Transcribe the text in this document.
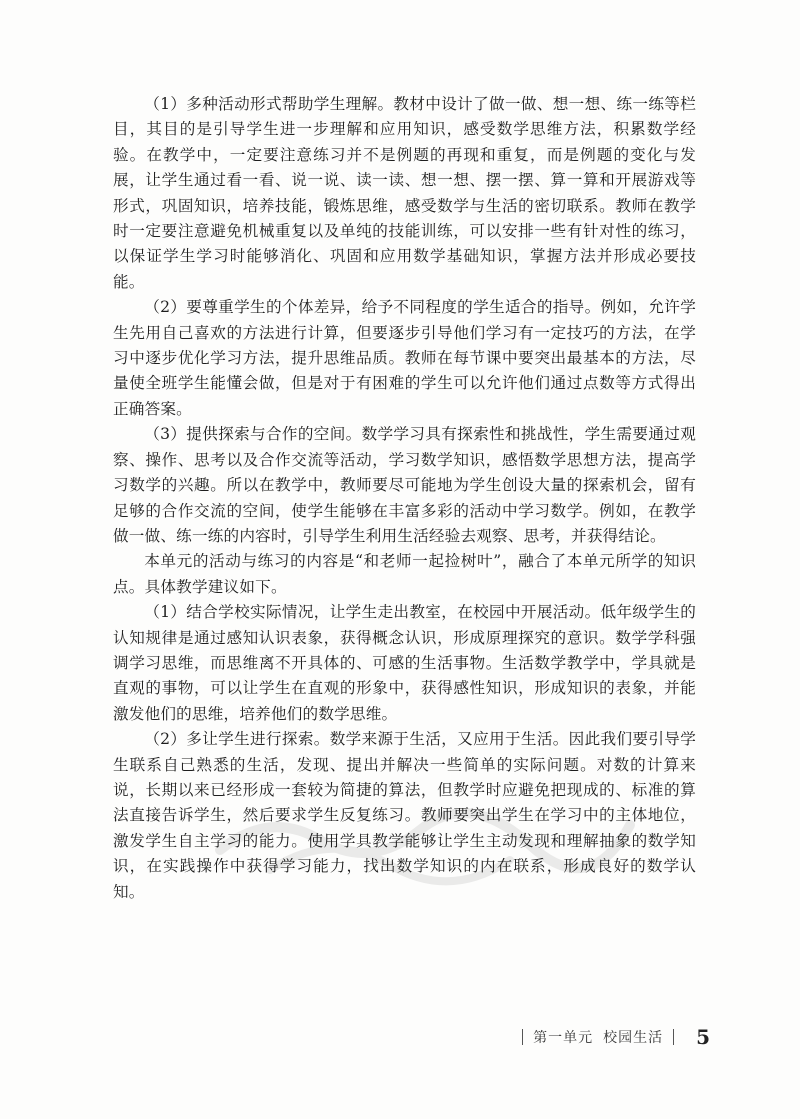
（1）多种活动形式帮助学生理解。教材中设计了做一做、想一想、练一练等栏目，其目的是引导学生进一步理解和应用知识，感受数学思维方法，积累数学经验。在教学中，一定要注意练习并不是例题的再现和重复，而是例题的变化与发展，让学生通过看一看、说一说、读一读、想一想、摆一摆、算一算和开展游戏等形式，巩固知识，培养技能，锻炼思维，感受数学与生活的密切联系。教师在教学时一定要注意避免机械重复以及单纯的技能训练，可以安排一些有针对性的练习，以保证学生学习时能够消化、巩固和应用数学基础知识，掌握方法并形成必要技能。

（2）要尊重学生的个体差异，给予不同程度的学生适合的指导。例如，允许学生先用自己喜欢的方法进行计算，但要逐步引导他们学习有一定技巧的方法，在学习中逐步优化学习方法，提升思维品质。教师在每节课中要突出最基本的方法，尽量使全班学生能懂会做，但是对于有困难的学生可以允许他们通过点数等方式得出正确答案。

（3）提供探索与合作的空间。数学学习具有探索性和挑战性，学生需要通过观察、操作、思考以及合作交流等活动，学习数学知识，感悟数学思想方法，提高学习数学的兴趣。所以在教学中，教师要尽可能地为学生创设大量的探索机会，留有足够的合作交流的空间，使学生能够在丰富多彩的活动中学习数学。例如，在教学做一做、练一练的内容时，引导学生利用生活经验去观察、思考，并获得结论。

本单元的活动与练习的内容是“和老师一起捡树叶”，融合了本单元所学的知识点。具体教学建议如下。

（1）结合学校实际情况，让学生走出教室，在校园中开展活动。低年级学生的认知规律是通过感知认识表象，获得概念认识，形成原理探究的意识。数学学科强调学习思维，而思维离不开具体的、可感的生活事物。生活数学教学中，学具就是直观的事物，可以让学生在直观的形象中，获得感性知识，形成知识的表象，并能激发他们的思维，培养他们的数学思维。

（2）多让学生进行探索。数学来源于生活，又应用于生活。因此我们要引导学生联系自己熟悉的生活，发现、提出并解决一些简单的实际问题。对数的计算来说，长期以来已经形成一套较为简捷的算法，但教学时应避免把现成的、标准的算法直接告诉学生，然后要求学生反复练习。教师要突出学生在学习中的主体地位，激发学生自主学习的能力。使用学具教学能够让学生主动发现和理解抽象的数学知识，在实践操作中获得学习能力，找出数学知识的内在联系，形成良好的数学认知。

第一单元 校园生活 5
